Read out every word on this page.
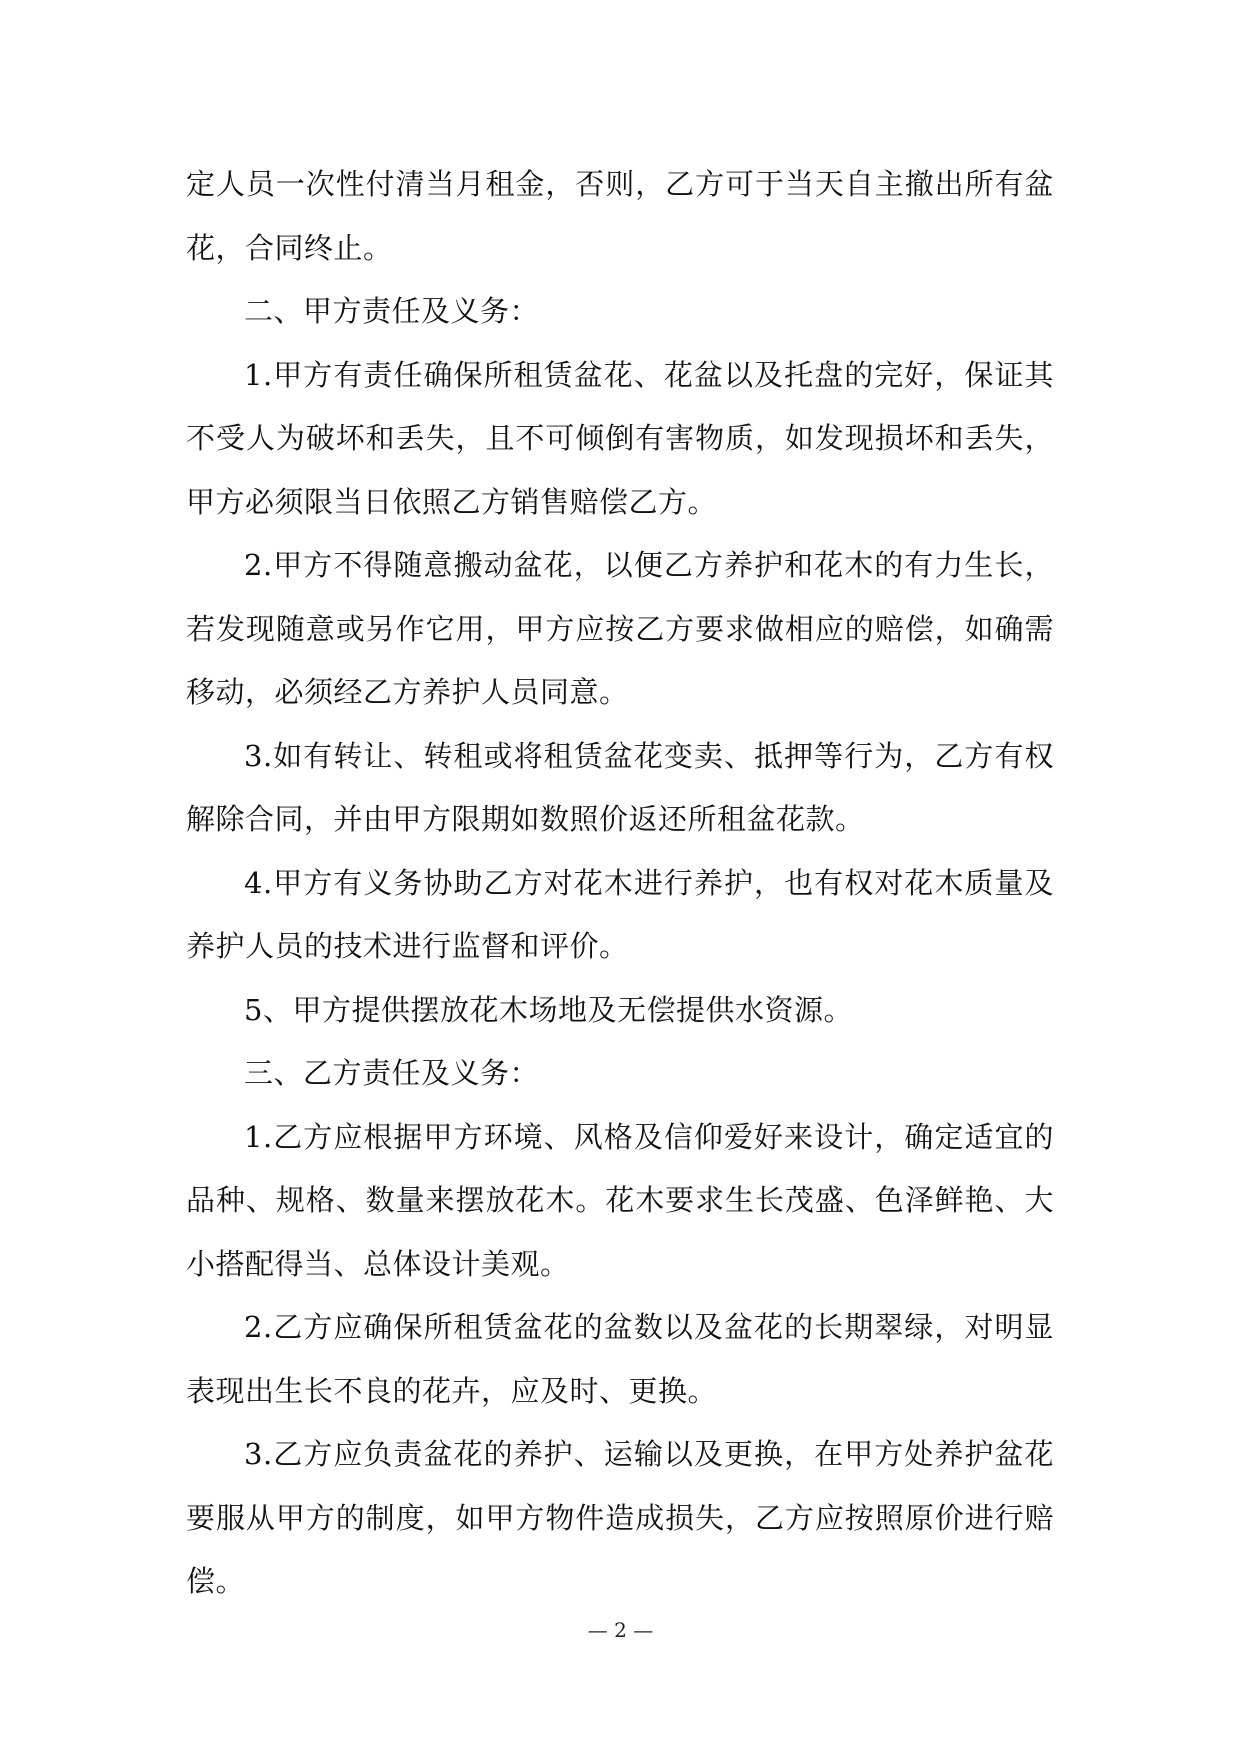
定人员一次性付清当月租金，否则，乙方可于当天自主撤出所有盆花，合同终止。

二、甲方责任及义务：

1.甲方有责任确保所租赁盆花、花盆以及托盘的完好，保证其不受人为破坏和丢失，且不可倾倒有害物质，如发现损坏和丢失，甲方必须限当日依照乙方销售赔偿乙方。

2.甲方不得随意搬动盆花，以便乙方养护和花木的有力生长，若发现随意或另作它用，甲方应按乙方要求做相应的赔偿，如确需移动，必须经乙方养护人员同意。

3.如有转让、转租或将租赁盆花变卖、抵押等行为，乙方有权解除合同，并由甲方限期如数照价返还所租盆花款。

4.甲方有义务协助乙方对花木进行养护，也有权对花木质量及养护人员的技术进行监督和评价。

5、甲方提供摆放花木场地及无偿提供水资源。

三、乙方责任及义务：

1.乙方应根据甲方环境、风格及信仰爱好来设计，确定适宜的品种、规格、数量来摆放花木。花木要求生长茂盛、色泽鲜艳、大小搭配得当、总体设计美观。

2.乙方应确保所租赁盆花的盆数以及盆花的长期翠绿，对明显表现出生长不良的花卉，应及时、更换。

3.乙方应负责盆花的养护、运输以及更换，在甲方处养护盆花要服从甲方的制度，如甲方物件造成损失，乙方应按照原价进行赔偿。

— 2 —
